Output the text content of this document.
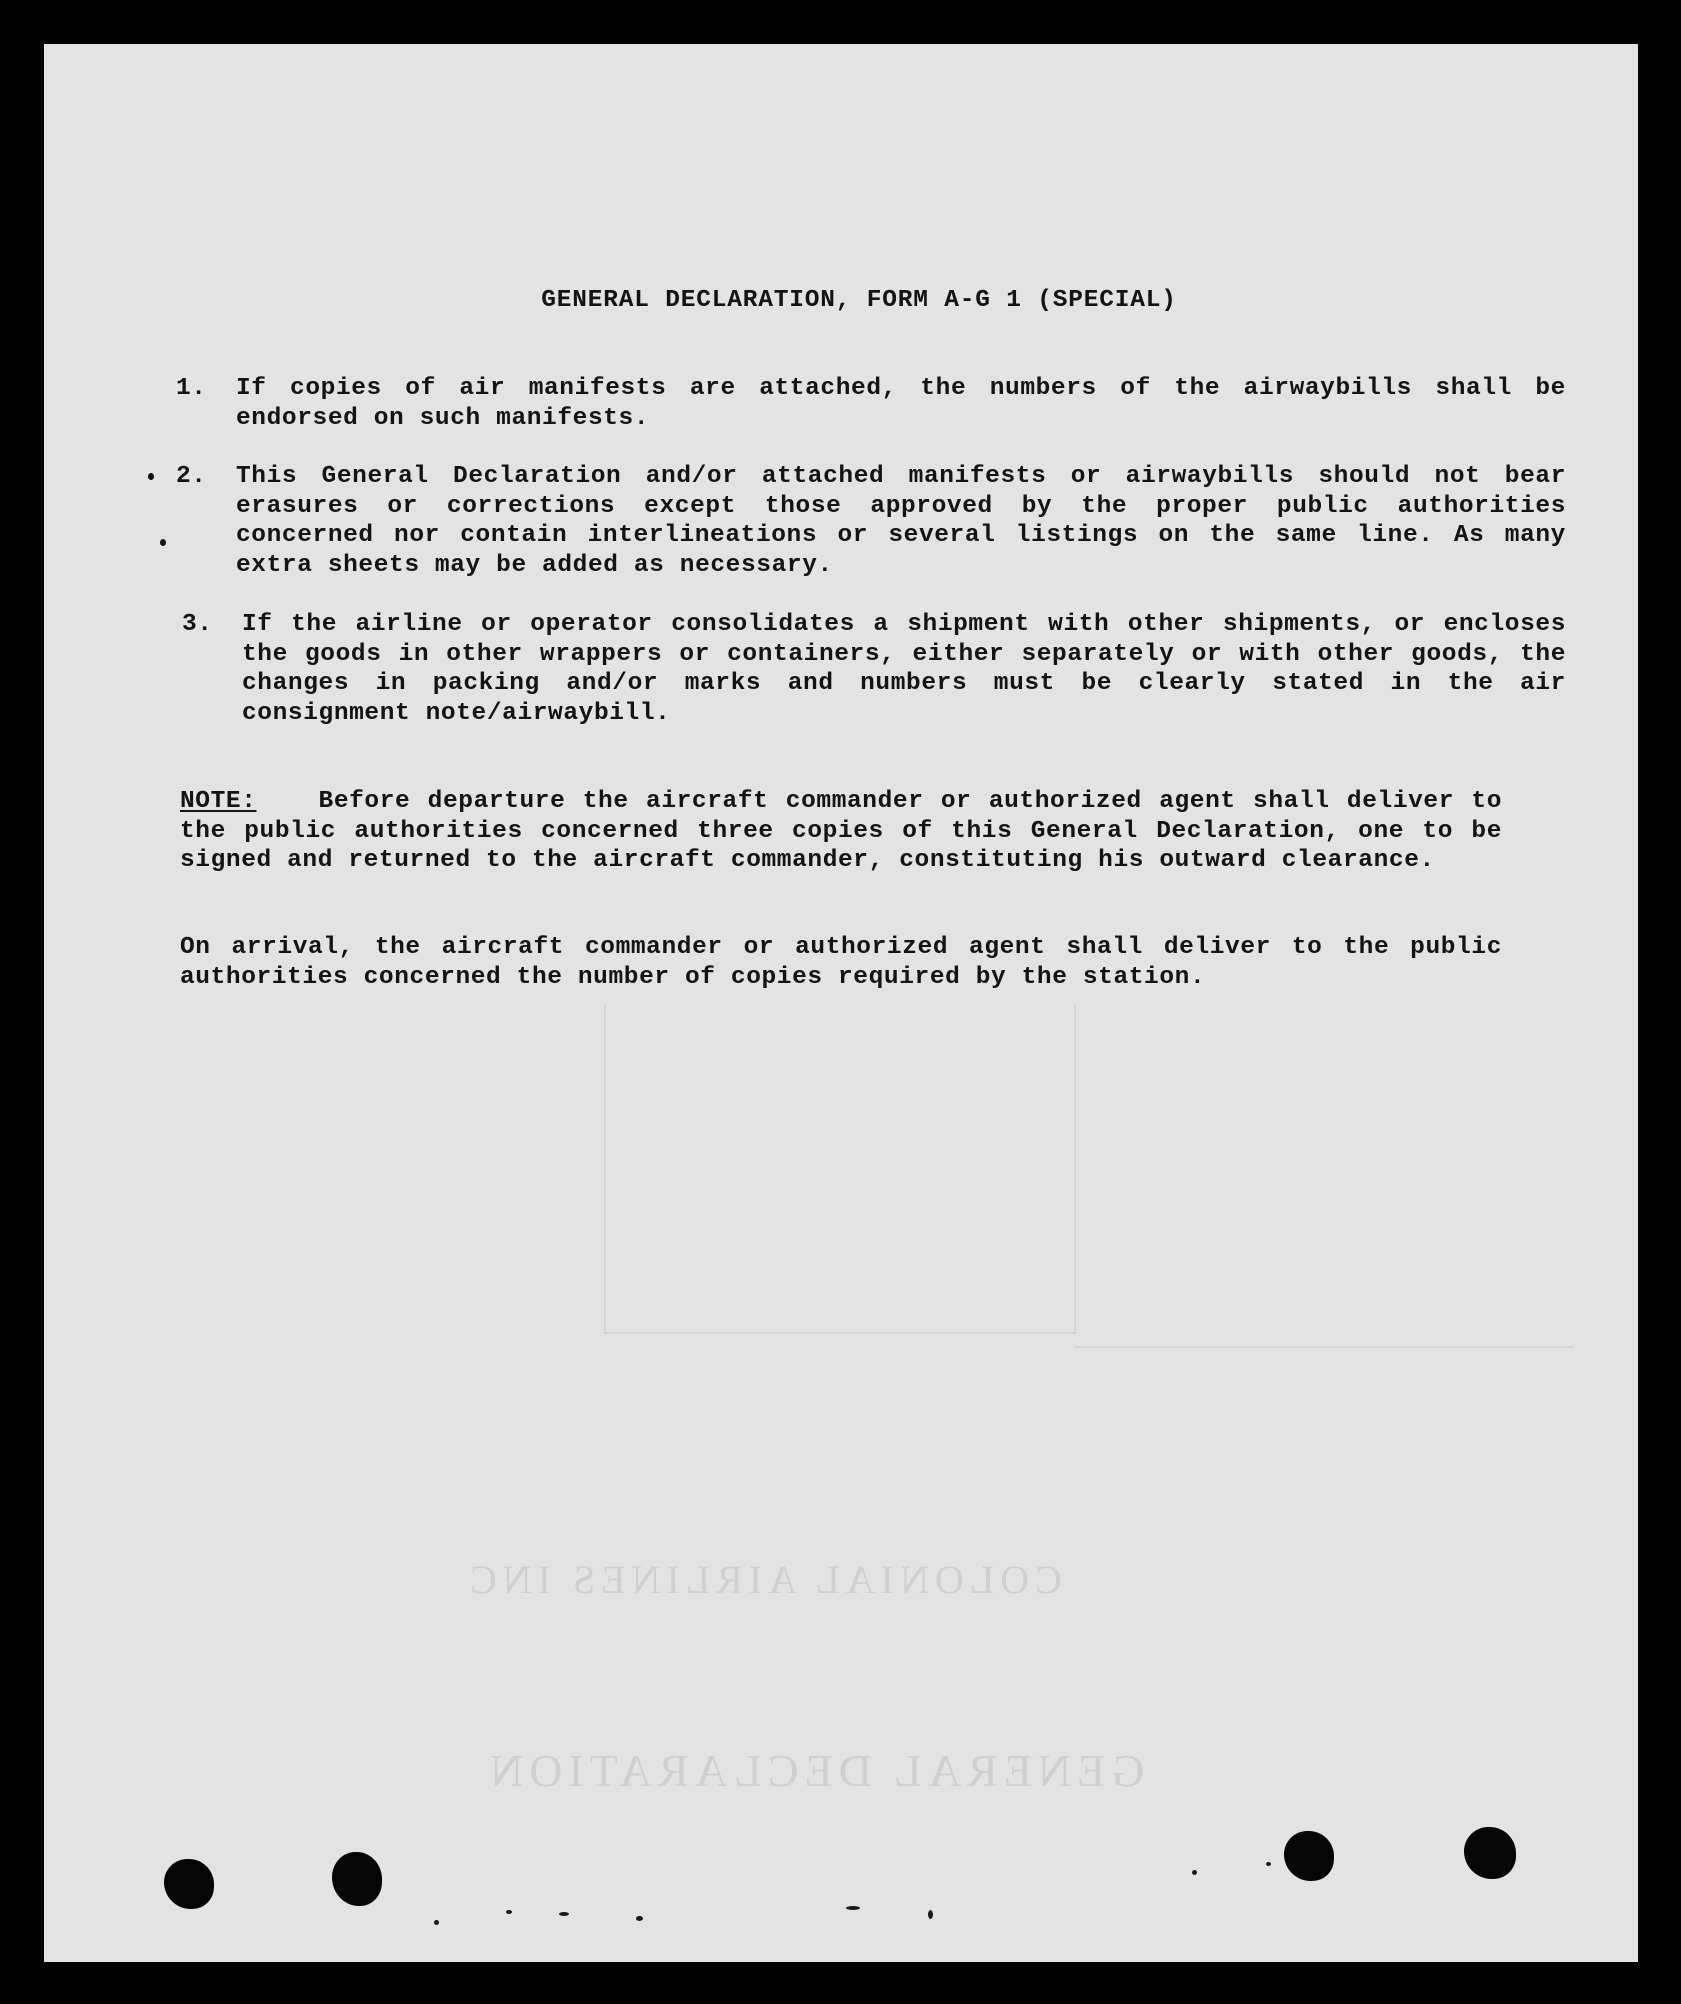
COLONIAL AIRLINES INC
GENERAL DECLARATION
GENERAL DECLARATION, FORM A-G 1 (SPECIAL)
1. If copies of air manifests are attached, the numbers of the airwaybills shall be endorsed on such manifests.
2. This General Declaration and/or attached manifests or airwaybills should not bear erasures or corrections except those approved by the proper public authorities concerned nor contain interlineations or several listings on the same line. As many extra sheets may be added as necessary.
3. If the airline or operator consolidates a shipment with other shipments, or encloses the goods in other wrappers or containers, either separately or with other goods, the changes in packing and/or marks and numbers must be clearly stated in the air consignment note/airwaybill.
NOTE:	Before departure the aircraft commander or authorized agent shall deliver to the public authorities concerned three copies of this General Declaration, one to be signed and returned to the aircraft commander, constituting his outward clearance.
On arrival, the aircraft commander or authorized agent shall deliver to the public authorities concerned the number of copies required by the station.
